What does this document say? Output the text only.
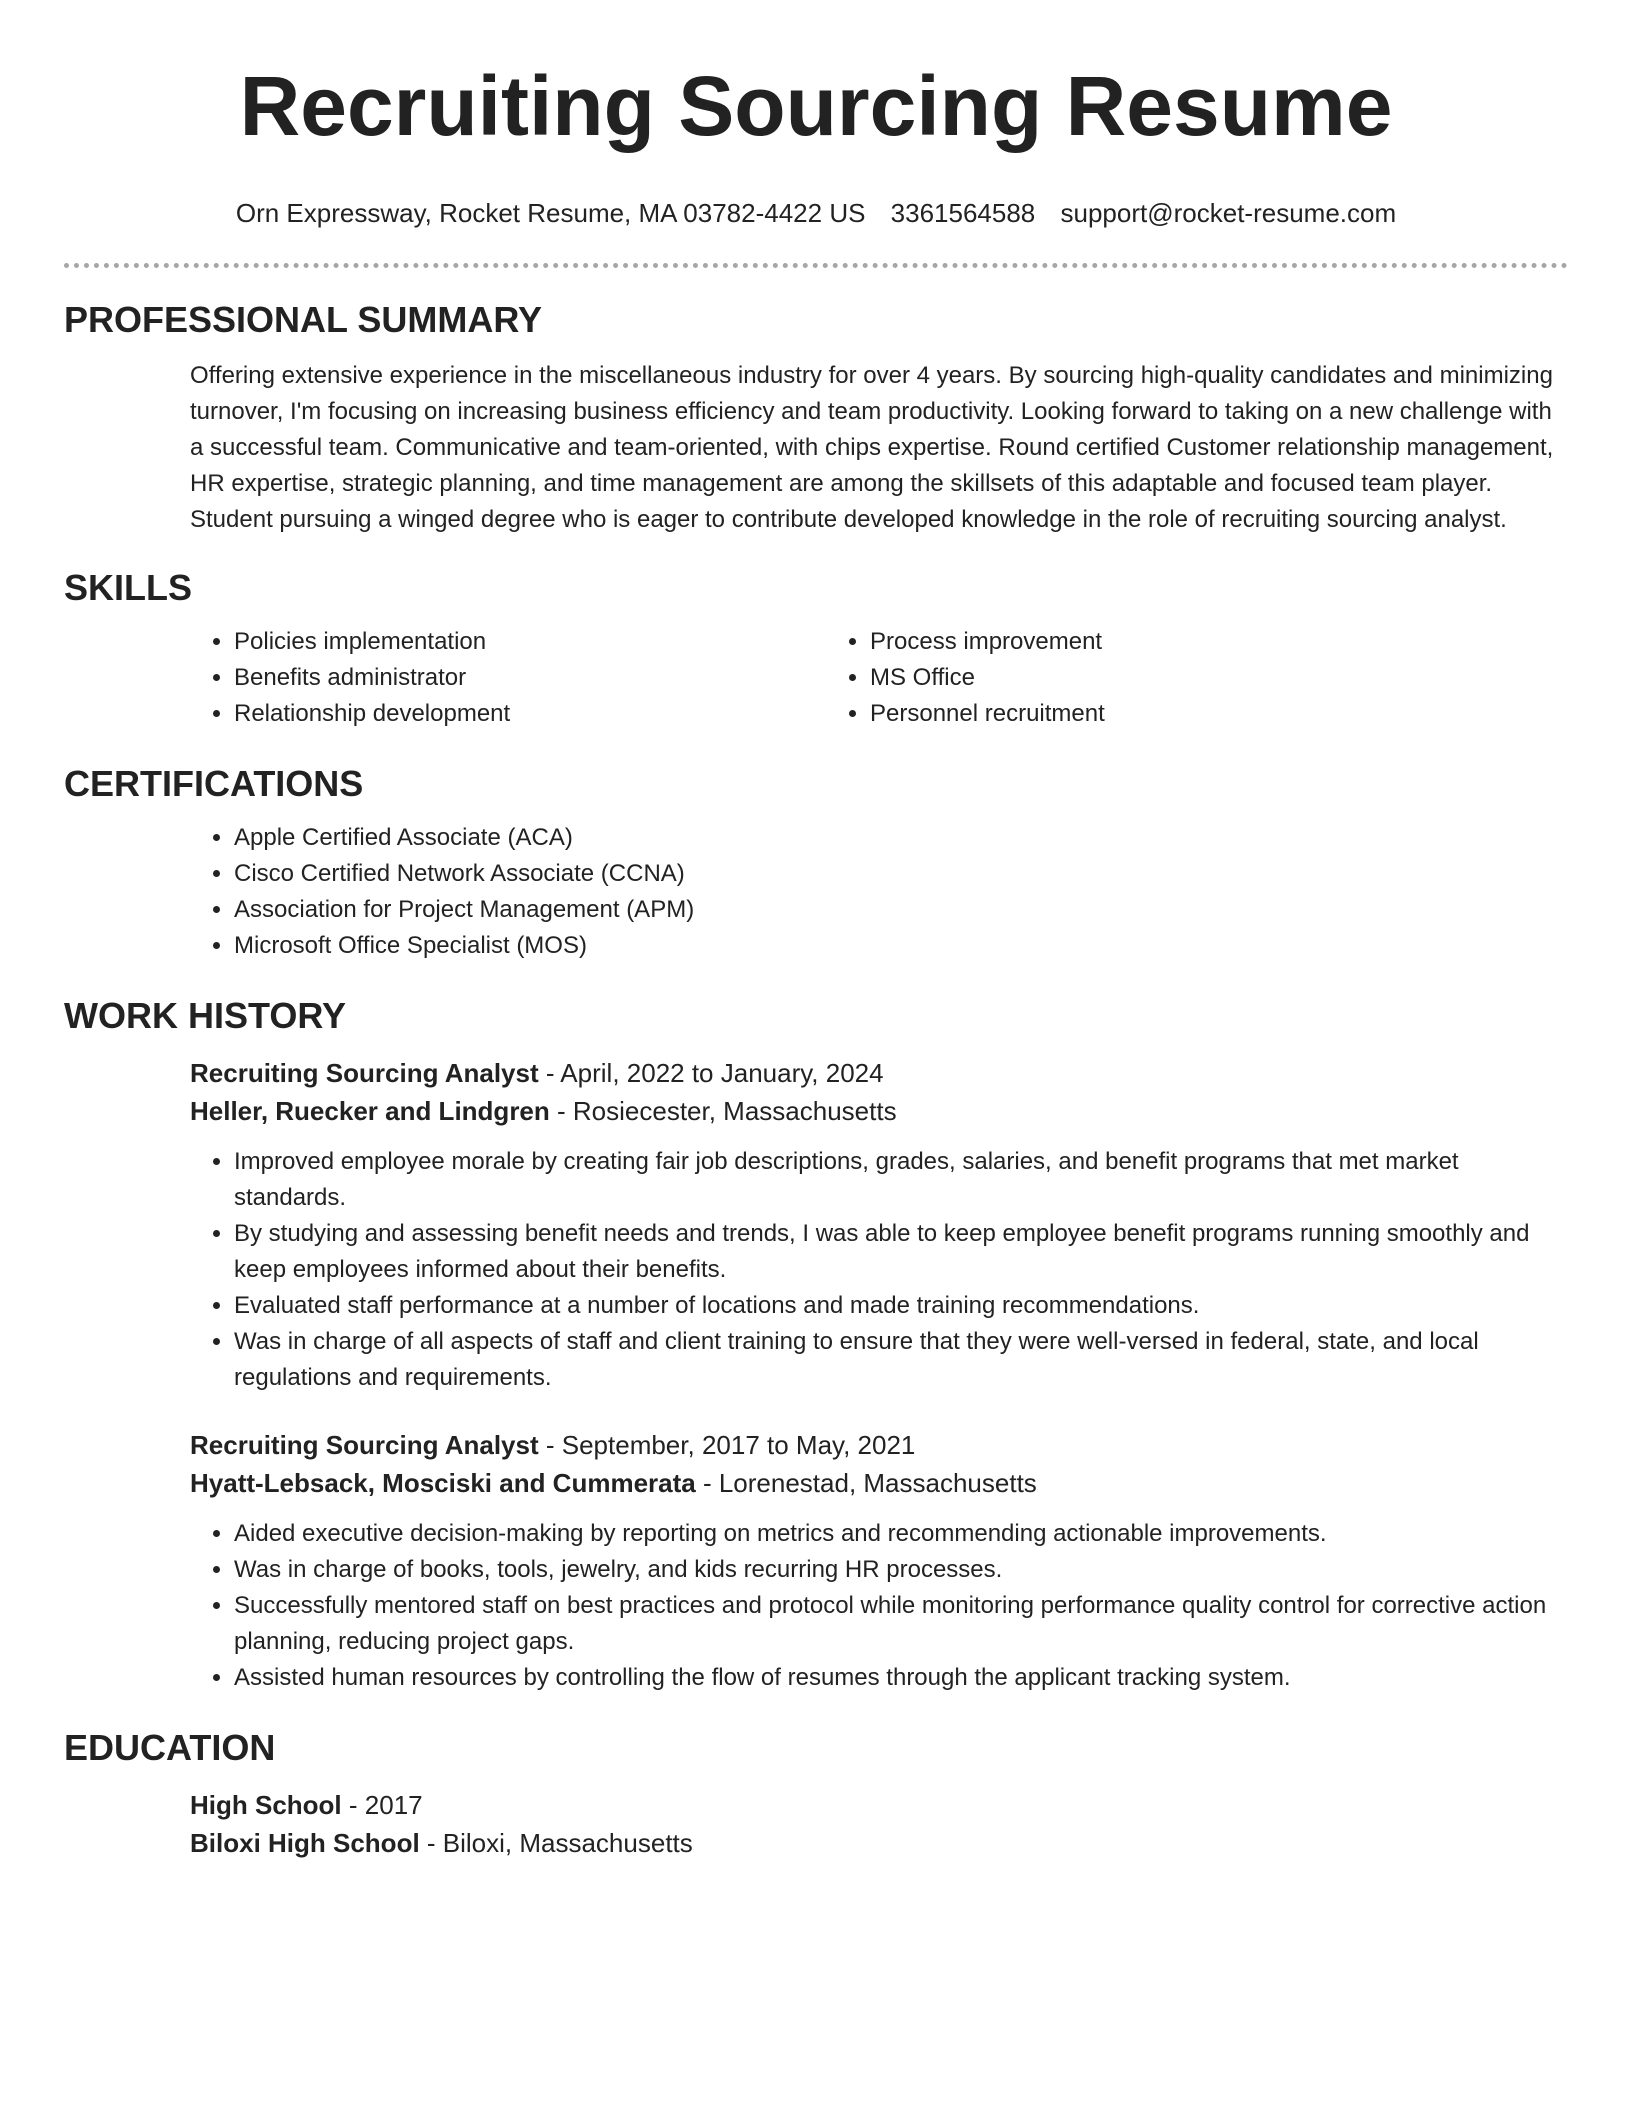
Recruiting Sourcing Resume
Orn Expressway, Rocket Resume, MA 03782-4422 US 3361564588 support@rocket-resume.com
PROFESSIONAL SUMMARY

Offering extensive experience in the miscellaneous industry for over 4 years. By sourcing high-quality candidates and minimizing turnover, I'm focusing on increasing business efficiency and team productivity. Looking forward to taking on a new challenge with a successful team. Communicative and team-oriented, with chips expertise. Round certified Customer relationship management, HR expertise, strategic planning, and time management are among the skillsets of this adaptable and focused team player. Student pursuing a winged degree who is eager to contribute developed knowledge in the role of recruiting sourcing analyst.

SKILLS
• Policies implementation
• Benefits administrator
• Relationship development
• Process improvement
• MS Office
• Personnel recruitment
CERTIFICATIONS
• Apple Certified Associate (ACA)
• Cisco Certified Network Associate (CCNA)
• Association for Project Management (APM)
• Microsoft Office Specialist (MOS)
WORK HISTORY
Recruiting Sourcing Analyst - April, 2022 to January, 2024
Heller, Ruecker and Lindgren - Rosiecester, Massachusetts
• Improved employee morale by creating fair job descriptions, grades, salaries, and benefit programs that met market standards.
• By studying and assessing benefit needs and trends, I was able to keep employee benefit programs running smoothly and keep employees informed about their benefits.
• Evaluated staff performance at a number of locations and made training recommendations.
• Was in charge of all aspects of staff and client training to ensure that they were well-versed in federal, state, and local regulations and requirements.
Recruiting Sourcing Analyst - September, 2017 to May, 2021
Hyatt-Lebsack, Mosciski and Cummerata - Lorenestad, Massachusetts
• Aided executive decision-making by reporting on metrics and recommending actionable improvements.
• Was in charge of books, tools, jewelry, and kids recurring HR processes.
• Successfully mentored staff on best practices and protocol while monitoring performance quality control for corrective action planning, reducing project gaps.
• Assisted human resources by controlling the flow of resumes through the applicant tracking system.
EDUCATION
High School - 2017
Biloxi High School - Biloxi, Massachusetts
